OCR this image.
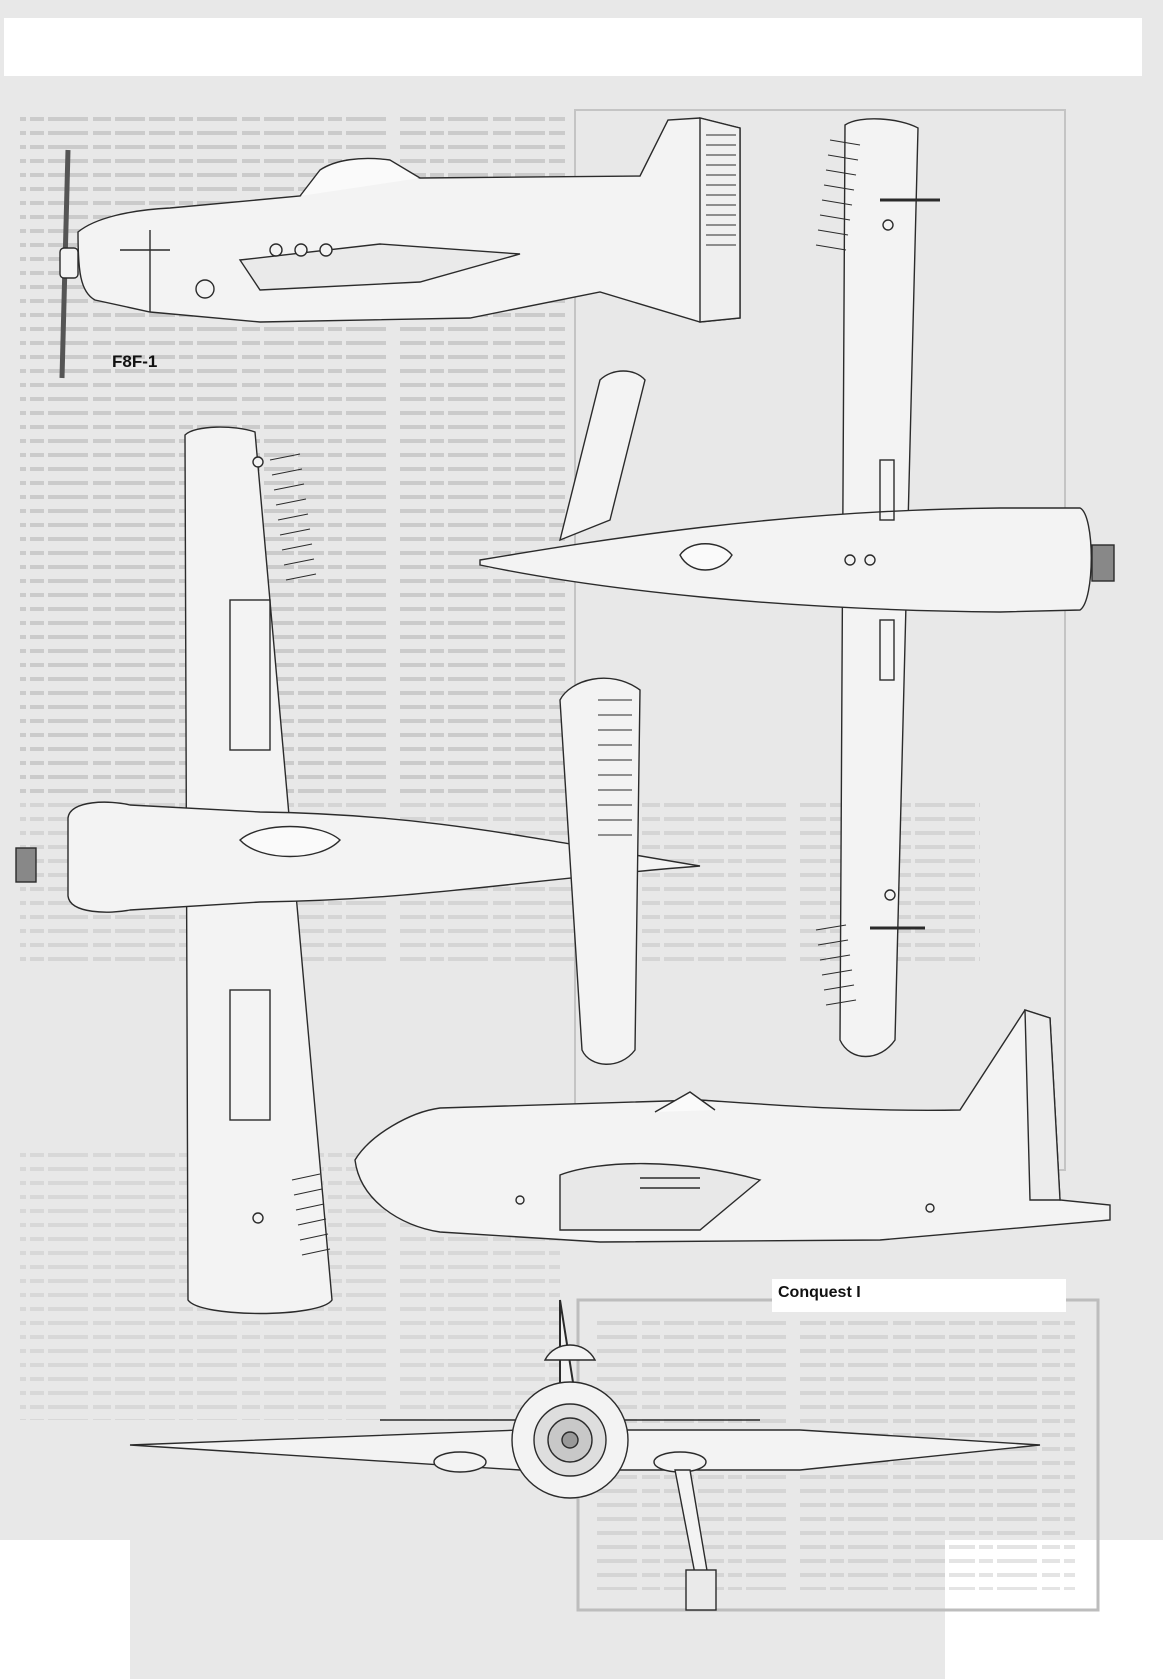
F8F-1
Conquest I
